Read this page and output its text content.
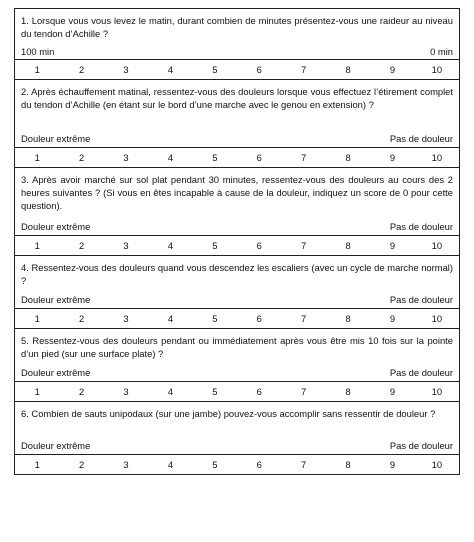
1. Lorsque vous vous levez le matin, durant combien de minutes présentez-vous une raideur au niveau du tendon d’Achille ?
100 min	0 min
1	2	3	4	5	6	7	8	9	10
2. Après échauffement matinal, ressentez-vous des douleurs lorsque vous effectuez l’étirement complet du tendon d’Achille (en étant sur le bord d’une marche avec le genou en extension) ?
Douleur extrême	Pas de douleur
1	2	3	4	5	6	7	8	9	10
3. Après avoir marché sur sol plat pendant 30 minutes, ressentez-vous des douleurs au cours des 2 heures suivantes ? (Si vous en êtes incapable à cause de la douleur, indiquez un score de 0 pour cette question).
Douleur extrême	Pas de douleur
1	2	3	4	5	6	7	8	9	10
4. Ressentez-vous des douleurs quand vous descendez les escaliers (avec un cycle de marche normal) ?
Douleur extrême	Pas de douleur
1	2	3	4	5	6	7	8	9	10
5. Ressentez-vous des douleurs pendant ou immédiatement après vous être mis 10 fois sur la pointe d’un pied (sur une surface plate) ?
Douleur extrême	Pas de douleur
1	2	3	4	5	6	7	8	9	10
6. Combien de sauts unipodaux (sur une jambe) pouvez-vous accomplir sans ressentir de douleur ?
Douleur extrême	Pas de douleur
1	2	3	4	5	6	7	8	9	10
